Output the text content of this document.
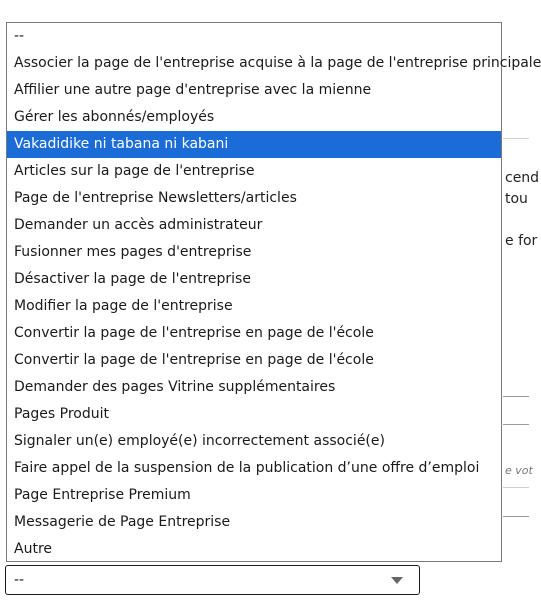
cend
tou
e for
e vot
--
Associer la page de l'entreprise acquise à la page de l'entreprise principale
Affilier une autre page d'entreprise avec la mienne
Gérer les abonnés/employés
Vakadidike ni tabana ni kabani
Articles sur la page de l'entreprise
Page de l'entreprise Newsletters/articles
Demander un accès administrateur
Fusionner mes pages d'entreprise
Désactiver la page de l'entreprise
Modifier la page de l'entreprise
Convertir la page de l'entreprise en page de l'école
Convertir la page de l'entreprise en page de l'école
Demander des pages Vitrine supplémentaires
Pages Produit
Signaler un(e) employé(e) incorrectement associé(e)
Faire appel de la suspension de la publication d’une offre d’emploi
Page Entreprise Premium
Messagerie de Page Entreprise
Autre
--
